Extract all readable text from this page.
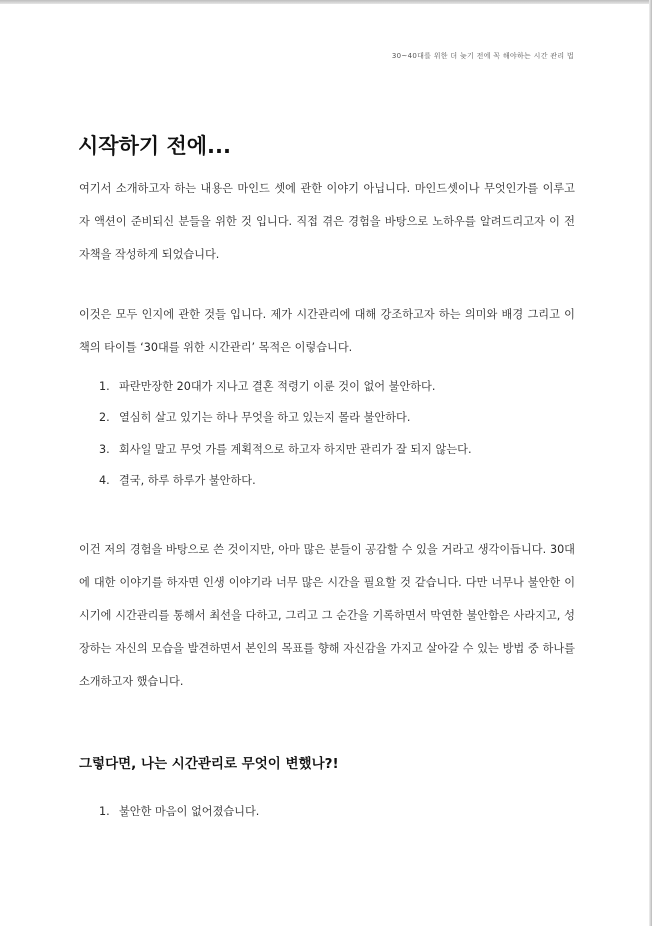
30~40대를 위한 더 늦기 전에 꼭 해야하는 시간 관리 법
시작하기 전에...

여기서 소개하고자 하는 내용은 마인드 셋에 관한 이야기 아닙니다. 마인드셋이나 무엇인가를 이루고자 액션이 준비되신 분들을 위한 것 입니다. 직접 겪은 경험을 바탕으로 노하우를 알려드리고자 이 전자책을 작성하게 되었습니다.

이것은 모두 인지에 관한 것들 입니다. 제가 시간관리에 대해 강조하고자 하는 의미와 배경 그리고 이 책의 타이틀 ‘30대를 위한 시간관리’ 목적은 이렇습니다.

1. 파란만장한 20대가 지나고 결혼 적령기 이룬 것이 없어 불안하다.
2. 열심히 살고 있기는 하나 무엇을 하고 있는지 몰라 불안하다.
3. 회사일 말고 무엇 가를 계획적으로 하고자 하지만 관리가 잘 되지 않는다.
4. 결국, 하루 하루가 불안하다.

이건 저의 경험을 바탕으로 쓴 것이지만, 아마 많은 분들이 공감할 수 있을 거라고 생각이듭니다. 30대에 대한 이야기를 하자면 인생 이야기라 너무 많은 시간을 필요할 것 같습니다. 다만 너무나 불안한 이시기에 시간관리를 통해서 최선을 다하고, 그리고 그 순간을 기록하면서 막연한 불안함은 사라지고, 성장하는 자신의 모습을 발견하면서 본인의 목표를 향해 자신감을 가지고 살아갈 수 있는 방법 중 하나를 소개하고자 했습니다.

그렇다면, 나는 시간관리로 무엇이 변했나?!
1. 불안한 마음이 없어졌습니다.
